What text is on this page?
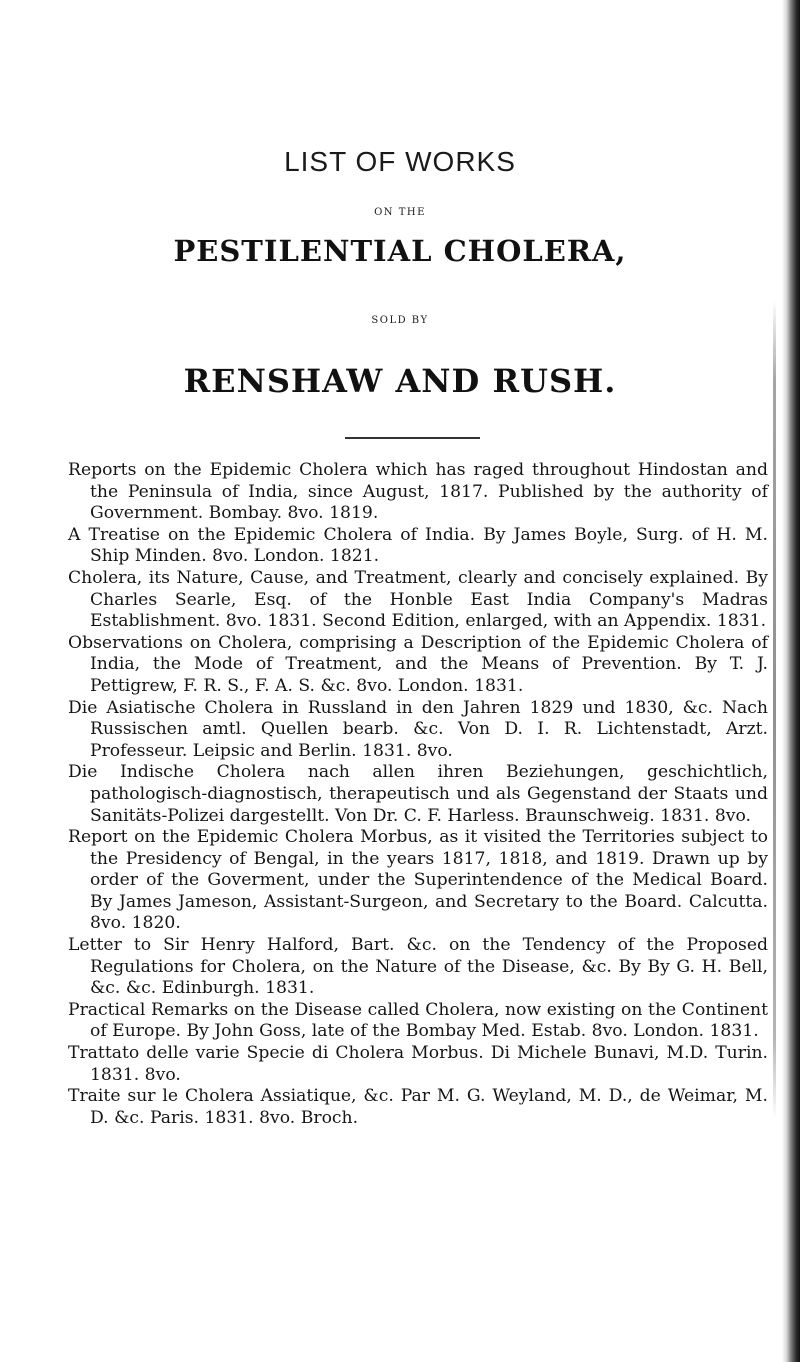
LIST OF WORKS
ON THE
PESTILENTIAL CHOLERA,
SOLD BY
RENSHAW AND RUSH.

Reports on the Epidemic Cholera which has raged throughout Hindostan and the Peninsula of India, since August, 1817. Published by the authority of Government. Bombay. 8vo. 1819.

A Treatise on the Epidemic Cholera of India. By James Boyle, Surg. of H. M. Ship Minden. 8vo. London. 1821.

Cholera, its Nature, Cause, and Treatment, clearly and concisely explained. By Charles Searle, Esq. of the Honble East India Company's Madras Establishment. 8vo. 1831. Second Edition, enlarged, with an Appendix. 1831.

Observations on Cholera, comprising a Description of the Epidemic Cholera of India, the Mode of Treatment, and the Means of Prevention. By T. J. Pettigrew, F. R. S., F. A. S. &c. 8vo. London. 1831.

Die Asiatische Cholera in Russland in den Jahren 1829 und 1830, &c. Nach Russischen amtl. Quellen bearb. &c. Von D. I. R. Lichtenstadt, Arzt. Professeur. Leipsic and Berlin. 1831. 8vo.

Die Indische Cholera nach allen ihren Beziehungen, geschichtlich, pathologisch-diagnostisch, therapeutisch und als Gegenstand der Staats und Sanitäts-Polizei dargestellt. Von Dr. C. F. Harless. Braunschweig. 1831. 8vo.

Report on the Epidemic Cholera Morbus, as it visited the Territories subject to the Presidency of Bengal, in the years 1817, 1818, and 1819. Drawn up by order of the Goverment, under the Superintendence of the Medical Board. By James Jameson, Assistant-Surgeon, and Secretary to the Board. Calcutta. 8vo. 1820.

Letter to Sir Henry Halford, Bart. &c. on the Tendency of the Proposed Regulations for Cholera, on the Nature of the Disease, &c. By By G. H. Bell, &c. &c. Edinburgh. 1831.

Practical Remarks on the Disease called Cholera, now existing on the Continent of Europe. By John Goss, late of the Bombay Med. Estab. 8vo. London. 1831.

Trattato delle varie Specie di Cholera Morbus. Di Michele Bunavi, M.D. Turin. 1831. 8vo.

Traite sur le Cholera Assiatique, &c. Par M. G. Weyland, M. D., de Weimar, M. D. &c. Paris. 1831. 8vo. Broch.
